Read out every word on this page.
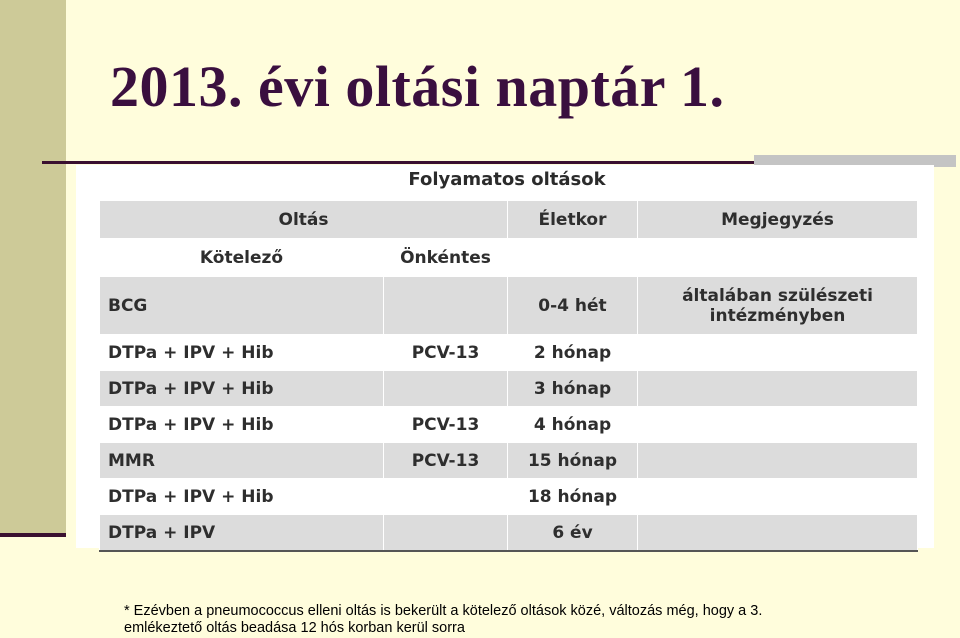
2013. évi oltási naptár 1.
Folyamatos oltások
Oltás		Életkor	Megjegyzés
Kötelező	Önkéntes		
BCG		0-4 hét	általában szülészeti intézményben
DTPa + IPV + Hib	PCV-13	2 hónap	
DTPa + IPV + Hib		3 hónap	
DTPa + IPV + Hib	PCV-13	4 hónap	
MMR	PCV-13	15 hónap	
DTPa + IPV + Hib		18 hónap	
DTPa + IPV		6 év	
* Ezévben a pneumococcus elleni oltás is bekerült a kötelező oltások közé, változás még, hogy a 3.
emlékeztető oltás beadása 12 hós korban kerül sorra
